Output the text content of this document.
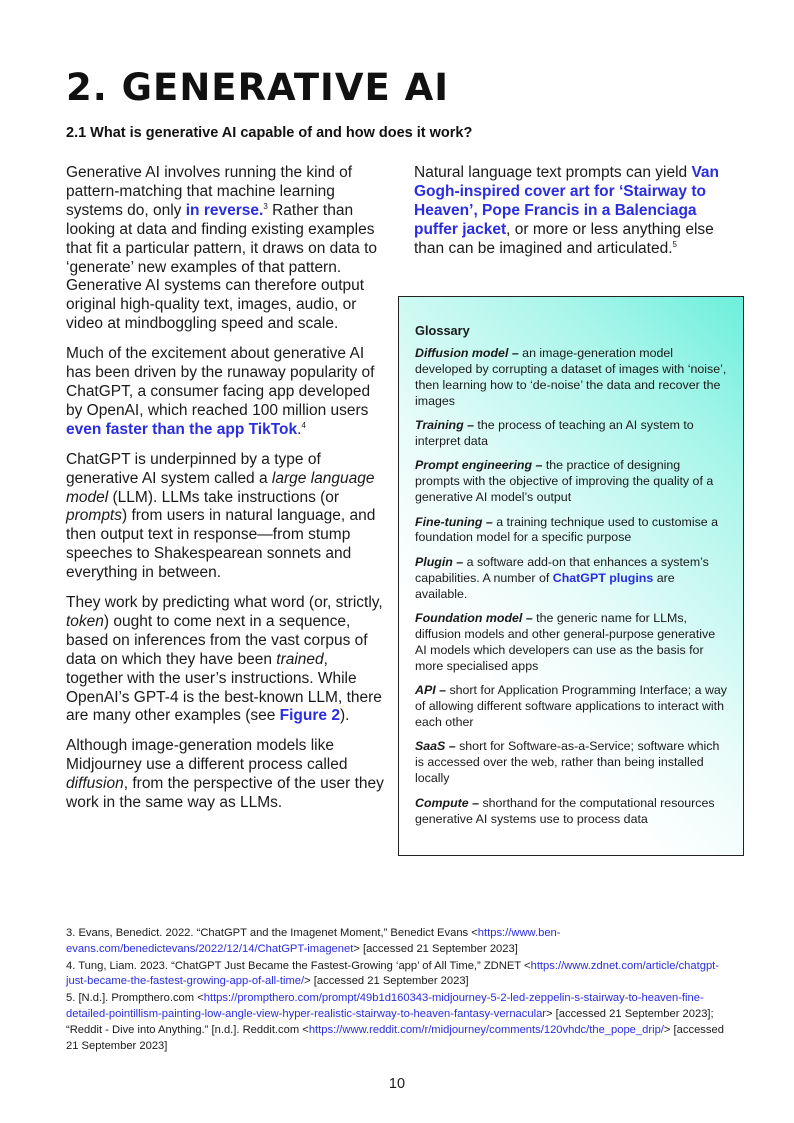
2. GENERATIVE AI
2.1 What is generative AI capable of and how does it work?

Generative AI involves running the kind of pattern-matching that machine learning systems do, only in reverse.$^3$ Rather than looking at data and finding existing examples that fit a particular pattern, it draws on data to ‘generate’ new examples of that pattern. Generative AI systems can therefore output original high-quality text, images, audio, or video at mindboggling speed and scale.

Much of the excitement about generative AI has been driven by the runaway popularity of ChatGPT, a consumer facing app developed by OpenAI, which reached 100 million users even faster than the app TikTok.$^4$

ChatGPT is underpinned by a type of generative AI system called a large language model (LLM). LLMs take instructions (or prompts) from users in natural language, and then output text in response—from stump speeches to Shakespearean sonnets and everything in between.

They work by predicting what word (or, strictly, token) ought to come next in a sequence, based on inferences from the vast corpus of data on which they have been trained, together with the user’s instructions. While OpenAI’s GPT-4 is the best-known LLM, there are many other examples (see Figure 2).

Although image-generation models like Midjourney use a different process called diffusion, from the perspective of the user they work in the same way as LLMs.

Natural language text prompts can yield Van Gogh-inspired cover art for ‘Stairway to Heaven’, Pope Francis in a Balenciaga puffer jacket, or more or less anything else than can be imagined and articulated.$^5$

Glossary
Diffusion model – an image-generation model developed by corrupting a dataset of images with ‘noise’, then learning how to ‘de-noise’ the data and recover the images
Training – the process of teaching an AI system to interpret data
Prompt engineering – the practice of designing prompts with the objective of improving the quality of a generative AI model’s output
Fine-tuning – a training technique used to customise a foundation model for a specific purpose
Plugin – a software add-on that enhances a system’s capabilities. A number of ChatGPT plugins are available.
Foundation model – the generic name for LLMs, diffusion models and other general-purpose generative AI models which developers can use as the basis for more specialised apps
API – short for Application Programming Interface; a way of allowing different software applications to interact with each other
SaaS – short for Software-as-a-Service; software which is accessed over the web, rather than being installed locally
Compute – shorthand for the computational resources generative AI systems use to process data

3. Evans, Benedict. 2022. “ChatGPT and the Imagenet Moment,” Benedict Evans <https://www.ben-evans.com/benedictevans/2022/12/14/ChatGPT-imagenet> [accessed 21 September 2023]

4. Tung, Liam. 2023. “ChatGPT Just Became the Fastest-Growing ‘app’ of All Time,” ZDNET <https://www.zdnet.com/article/chatgpt-just-became-the-fastest-growing-app-of-all-time/> [accessed 21 September 2023]

5. [N.d.]. Prompthero.com <https://prompthero.com/prompt/49b1d160343-midjourney-5-2-led-zeppelin-s-stairway-to-heaven-fine-detailed-pointillism-painting-low-angle-view-hyper-realistic-stairway-to-heaven-fantasy-vernacular> [accessed 21 September 2023]; “Reddit - Dive into Anything.” [n.d.]. Reddit.com <https://www.reddit.com/r/midjourney/comments/120vhdc/the_pope_drip/> [accessed 21 September 2023]

10
